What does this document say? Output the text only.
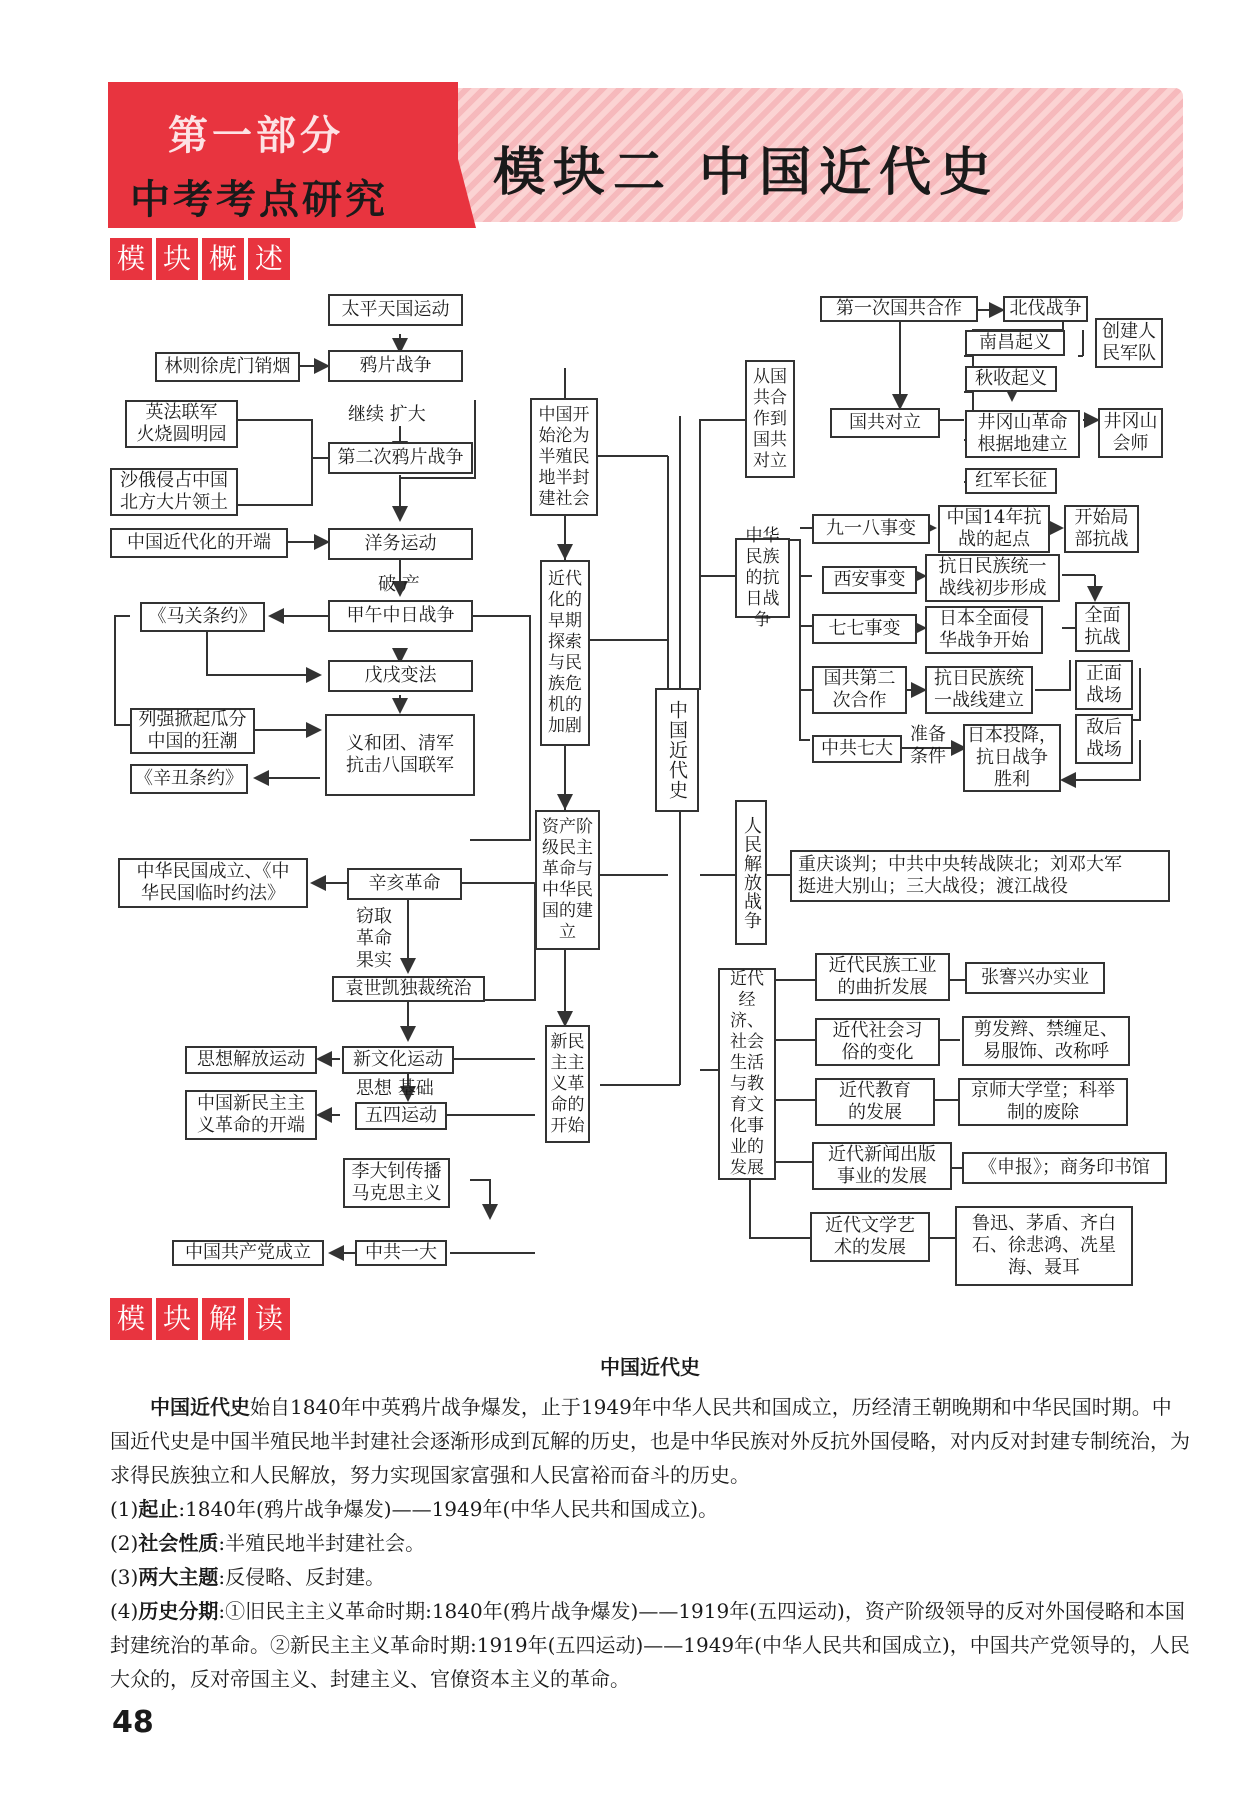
第一部分
中考考点研究 模块二 中国近代史
模 块 概 述
太平天国运动
鸦片战争
林则徐虎门销烟
继续 扩大
英法联军
火烧圆明园
第二次鸦片战争
沙俄侵占中国
北方大片领土
中国近代化的开端	洋务运动
破 产
《马关条约》	甲午中日战争
戊戌变法
列强掀起瓜分
中国的狂潮	义和团、清军
抗击八国联军
《辛丑条约》
中华民国成立、《中
华民国临时约法》	辛亥革命
窃取
革命
果实
袁世凯独裁统治
思想解放运动	新文化运动
思想 基础
中国新民主主
义革命的开端	五四运动
李大钊传播
马克思主义
中国共产党成立	中共一大
中国开始沦为半殖民地半封建社会
近代化的早期探索与民族危机的加剧
资产阶级民主革命与中华民国的建立
新民主主义革命的开始
中国近代史
从国共合作到国共对立
中华民族的抗日战争
人民解放战争
近代经济、社会生活与教育文化事业的发展
第一次国共合作	北伐战争
南昌起义
创建人
民军队
秋收起义
国共对立	井冈山革命
根据地建立
井冈山
会师
红军长征
九一八事变
中国14年抗
战的起点
开始局
部抗战
西安事变
抗日民族统一
战线初步形成
全面
抗战
七七事变	日本全面侵
华战争开始
国共第二
次合作
抗日民族统
一战线建立
正面
战场
敌后
战场
中共七大
准备
条件
日本投降，
抗日战争
胜利
重庆谈判；中共中央转战陕北；刘邓大军
挺进大别山；三大战役；渡江战役
近代民族工业
的曲折发展	张謇兴办实业
近代社会习
俗的变化
剪发辫、禁缠足、
易服饰、改称呼
近代教育
的发展
京师大学堂；科举
制的废除
近代新闻出版
事业的发展	《申报》；商务印书馆
近代文学艺
术的发展
鲁迅、茅盾、齐白
石、徐悲鸿、冼星
海、聂耳
模 块 解 读
中国近代史

  中国近代史始自1840年中英鸦片战争爆发，止于1949年中华人民共和国成立，历经清王朝晚期和中华民国时期。中国近代史是中国半殖民地半封建社会逐渐形成到瓦解的历史，也是中华民族对外反抗外国侵略，对内反对封建专制统治，为求得民族独立和人民解放，努力实现国家富强和人民富裕而奋斗的历史。

(1)起止:1840年(鸦片战争爆发)——1949年(中华人民共和国成立)。

(2)社会性质:半殖民地半封建社会。

(3)两大主题:反侵略、反封建。

(4)历史分期:①旧民主主义革命时期:1840年(鸦片战争爆发)——1919年(五四运动)，资产阶级领导的反对外国侵略和本国封建统治的革命。②新民主主义革命时期:1919年(五四运动)——1949年(中华人民共和国成立)，中国共产党领导的，人民大众的，反对帝国主义、封建主义、官僚资本主义的革命。

48
